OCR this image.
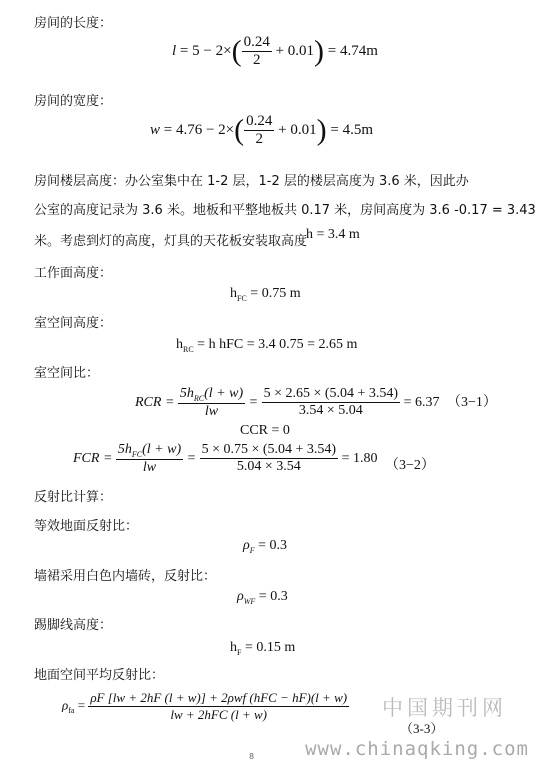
房间的长度：
$l = 5 - 2\times( \frac{0.24}{2} + 0.01) = 4.74m$
房间的宽度：
$w = 4.76 - 2\times( \frac{0.24}{2} + 0.01) = 4.5m$
房间楼层高度：办公室集中在 1-2 层，1-2 层的楼层高度为 3.6 米，因此办
公室的高度记录为 3.6 米。地板和平整地板共 0.17 米，房间高度为 3.6 -0.17 = 3.43
米。考虑到灯的高度，灯具的天花板安装取高度
h = 3.4 m
工作面高度：
$h_{FC} = 0.75$ m
室空间高度：
$h_{RC} = h$ hFC = 3.4 0.75 = 2.65 m
室空间比：
RCR = $\frac{5h_{RC}(l + w)}{lw} = \frac{5 \times 2.65 \times (5.04 + 3.54)}{3.54 \times 5.04} = 6.37$ （3−1）
CCR = 0
FCR = $\frac{5h_{FC}(l + w)}{lw} = \frac{5 \times 0.75 \times (5.04 + 3.54)}{5.04 \times 3.54} = 1.80$ （3−2）
反射比计算：
等效地面反射比：
$\rho_F = 0.3$
墙裙采用白色内墙砖，反射比：
$\rho_{WF} = 0.3$
踢脚线高度：
$h_F = 0.15$ m
地面空间平均反射比：
$\rho_{fa} = \frac{\text{ρF [lw + 2hF (l + w)] + 2ρwf (hFC − hF)(l + w)}}{\text{lw + 2hFC (l + w)}}$
（3-3）
中国期刊网
www.chinaqking.com
8
